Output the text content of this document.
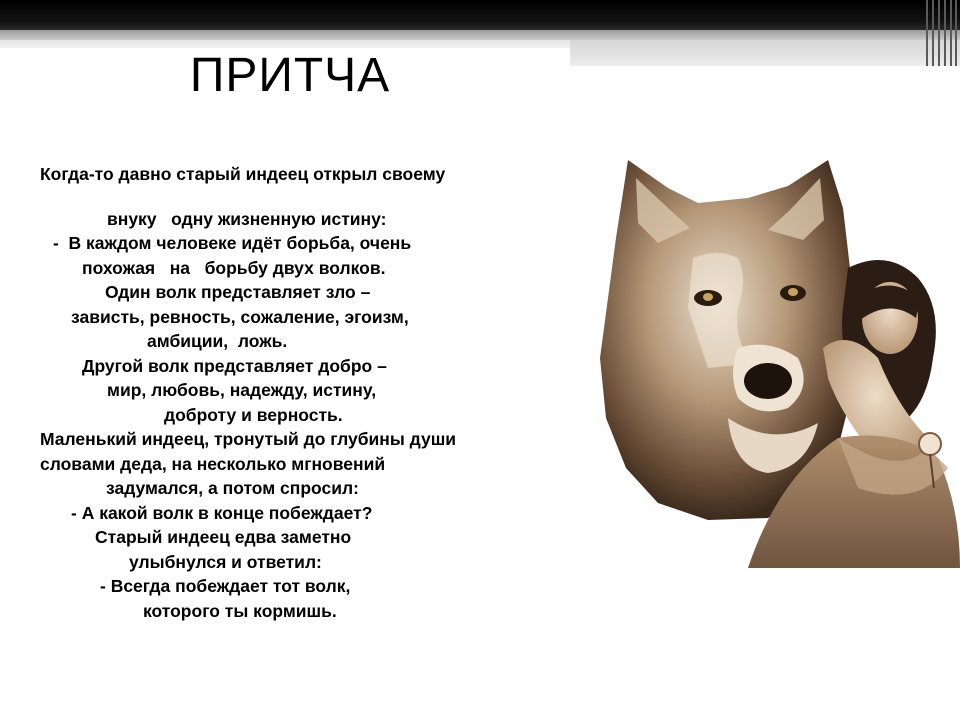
ПРИТЧА
Когда-то давно старый индеец открыл своему
внуку   одну жизненную истину:
-  В каждом человеке идёт борьба, очень
похожая   на   борьбу двух волков.
Один волк представляет зло –
зависть, ревность, сожаление, эгоизм,
амбиции,  ложь.
Другой волк представляет добро –
мир, любовь, надежду, истину,
доброту и верность.
Маленький индеец, тронутый до глубины души
словами деда, на несколько мгновений
задумался, а потом спросил:
- А какой волк в конце побеждает?
Старый индеец едва заметно
улыбнулся и ответил:
- Всегда побеждает тот волк,
которого ты кормишь.
